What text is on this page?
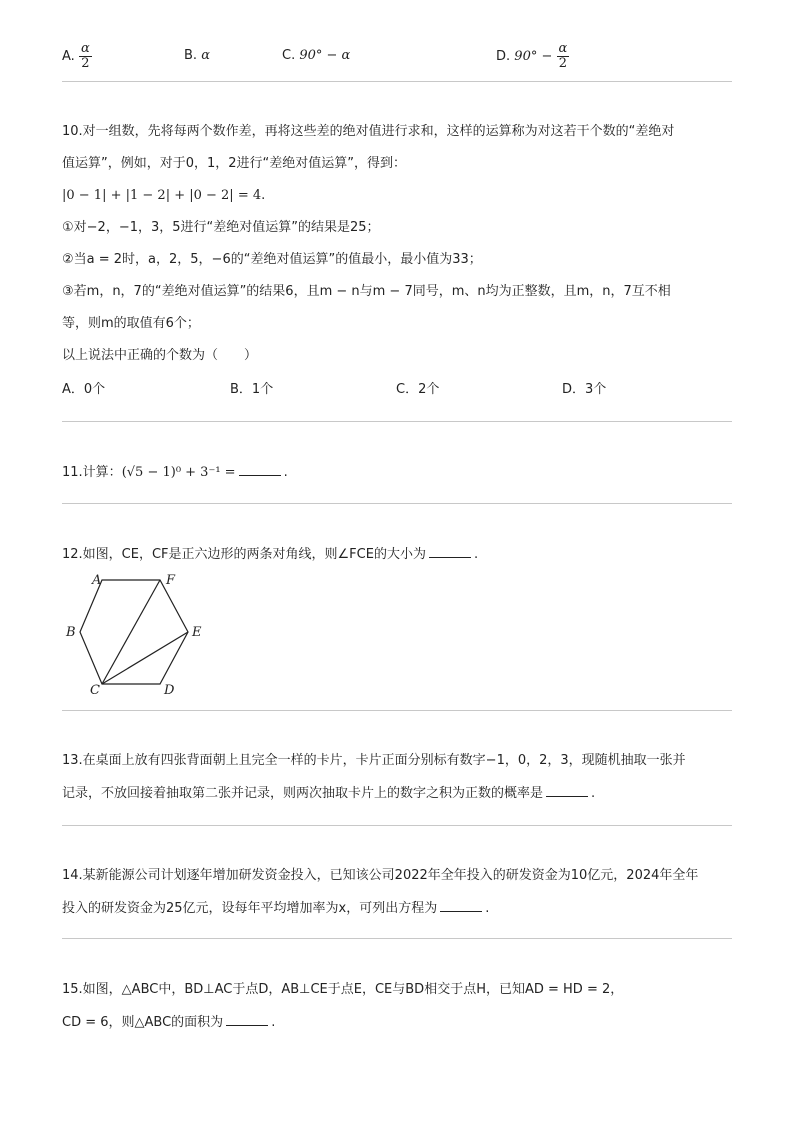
A. $\frac{\alpha}{2}$	B. α	C. 90° − α	D. $90^\circ - \frac{\alpha}{2}$
10.对一组数，先将每两个数作差，再将这些差的绝对值进行求和，这样的运算称为对这若干个数的“差绝对
值运算”，例如，对于0，1，2进行“差绝对值运算”，得到：
|0 − 1| + |1 − 2| + |0 − 2| = 4.
①对−2，−1，3，5进行“差绝对值运算”的结果是25；
②当a = 2时，a，2，5，−6的“差绝对值运算”的值最小，最小值为33；
③若m，n，7的“差绝对值运算”的结果6，且m − n与m − 7同号，m、n均为正整数，且m，n，7互不相
等，则m的取值有6个；
以上说法中正确的个数为（　　）
A．0个	B．1个	C．2个	D．3个
11.计算：(√5 − 1)⁰ + 3⁻¹ =	.
12.如图，CE，CF是正六边形的两条对角线，则∠FCE的大小为	.
A	F
B	E
C	D
13.在桌面上放有四张背面朝上且完全一样的卡片，卡片正面分别标有数字−1，0，2，3，现随机抽取一张并
记录，不放回接着抽取第二张并记录，则两次抽取卡片上的数字之积为正数的概率是	.
14.某新能源公司计划逐年增加研发资金投入，已知该公司2022年全年投入的研发资金为10亿元，2024年全年
投入的研发资金为25亿元，设每年平均增加率为x，可列出方程为	.
15.如图，△ABC中，BD⊥AC于点D，AB⊥CE于点E，CE与BD相交于点H，已知AD = HD = 2，
CD = 6，则△ABC的面积为	.
